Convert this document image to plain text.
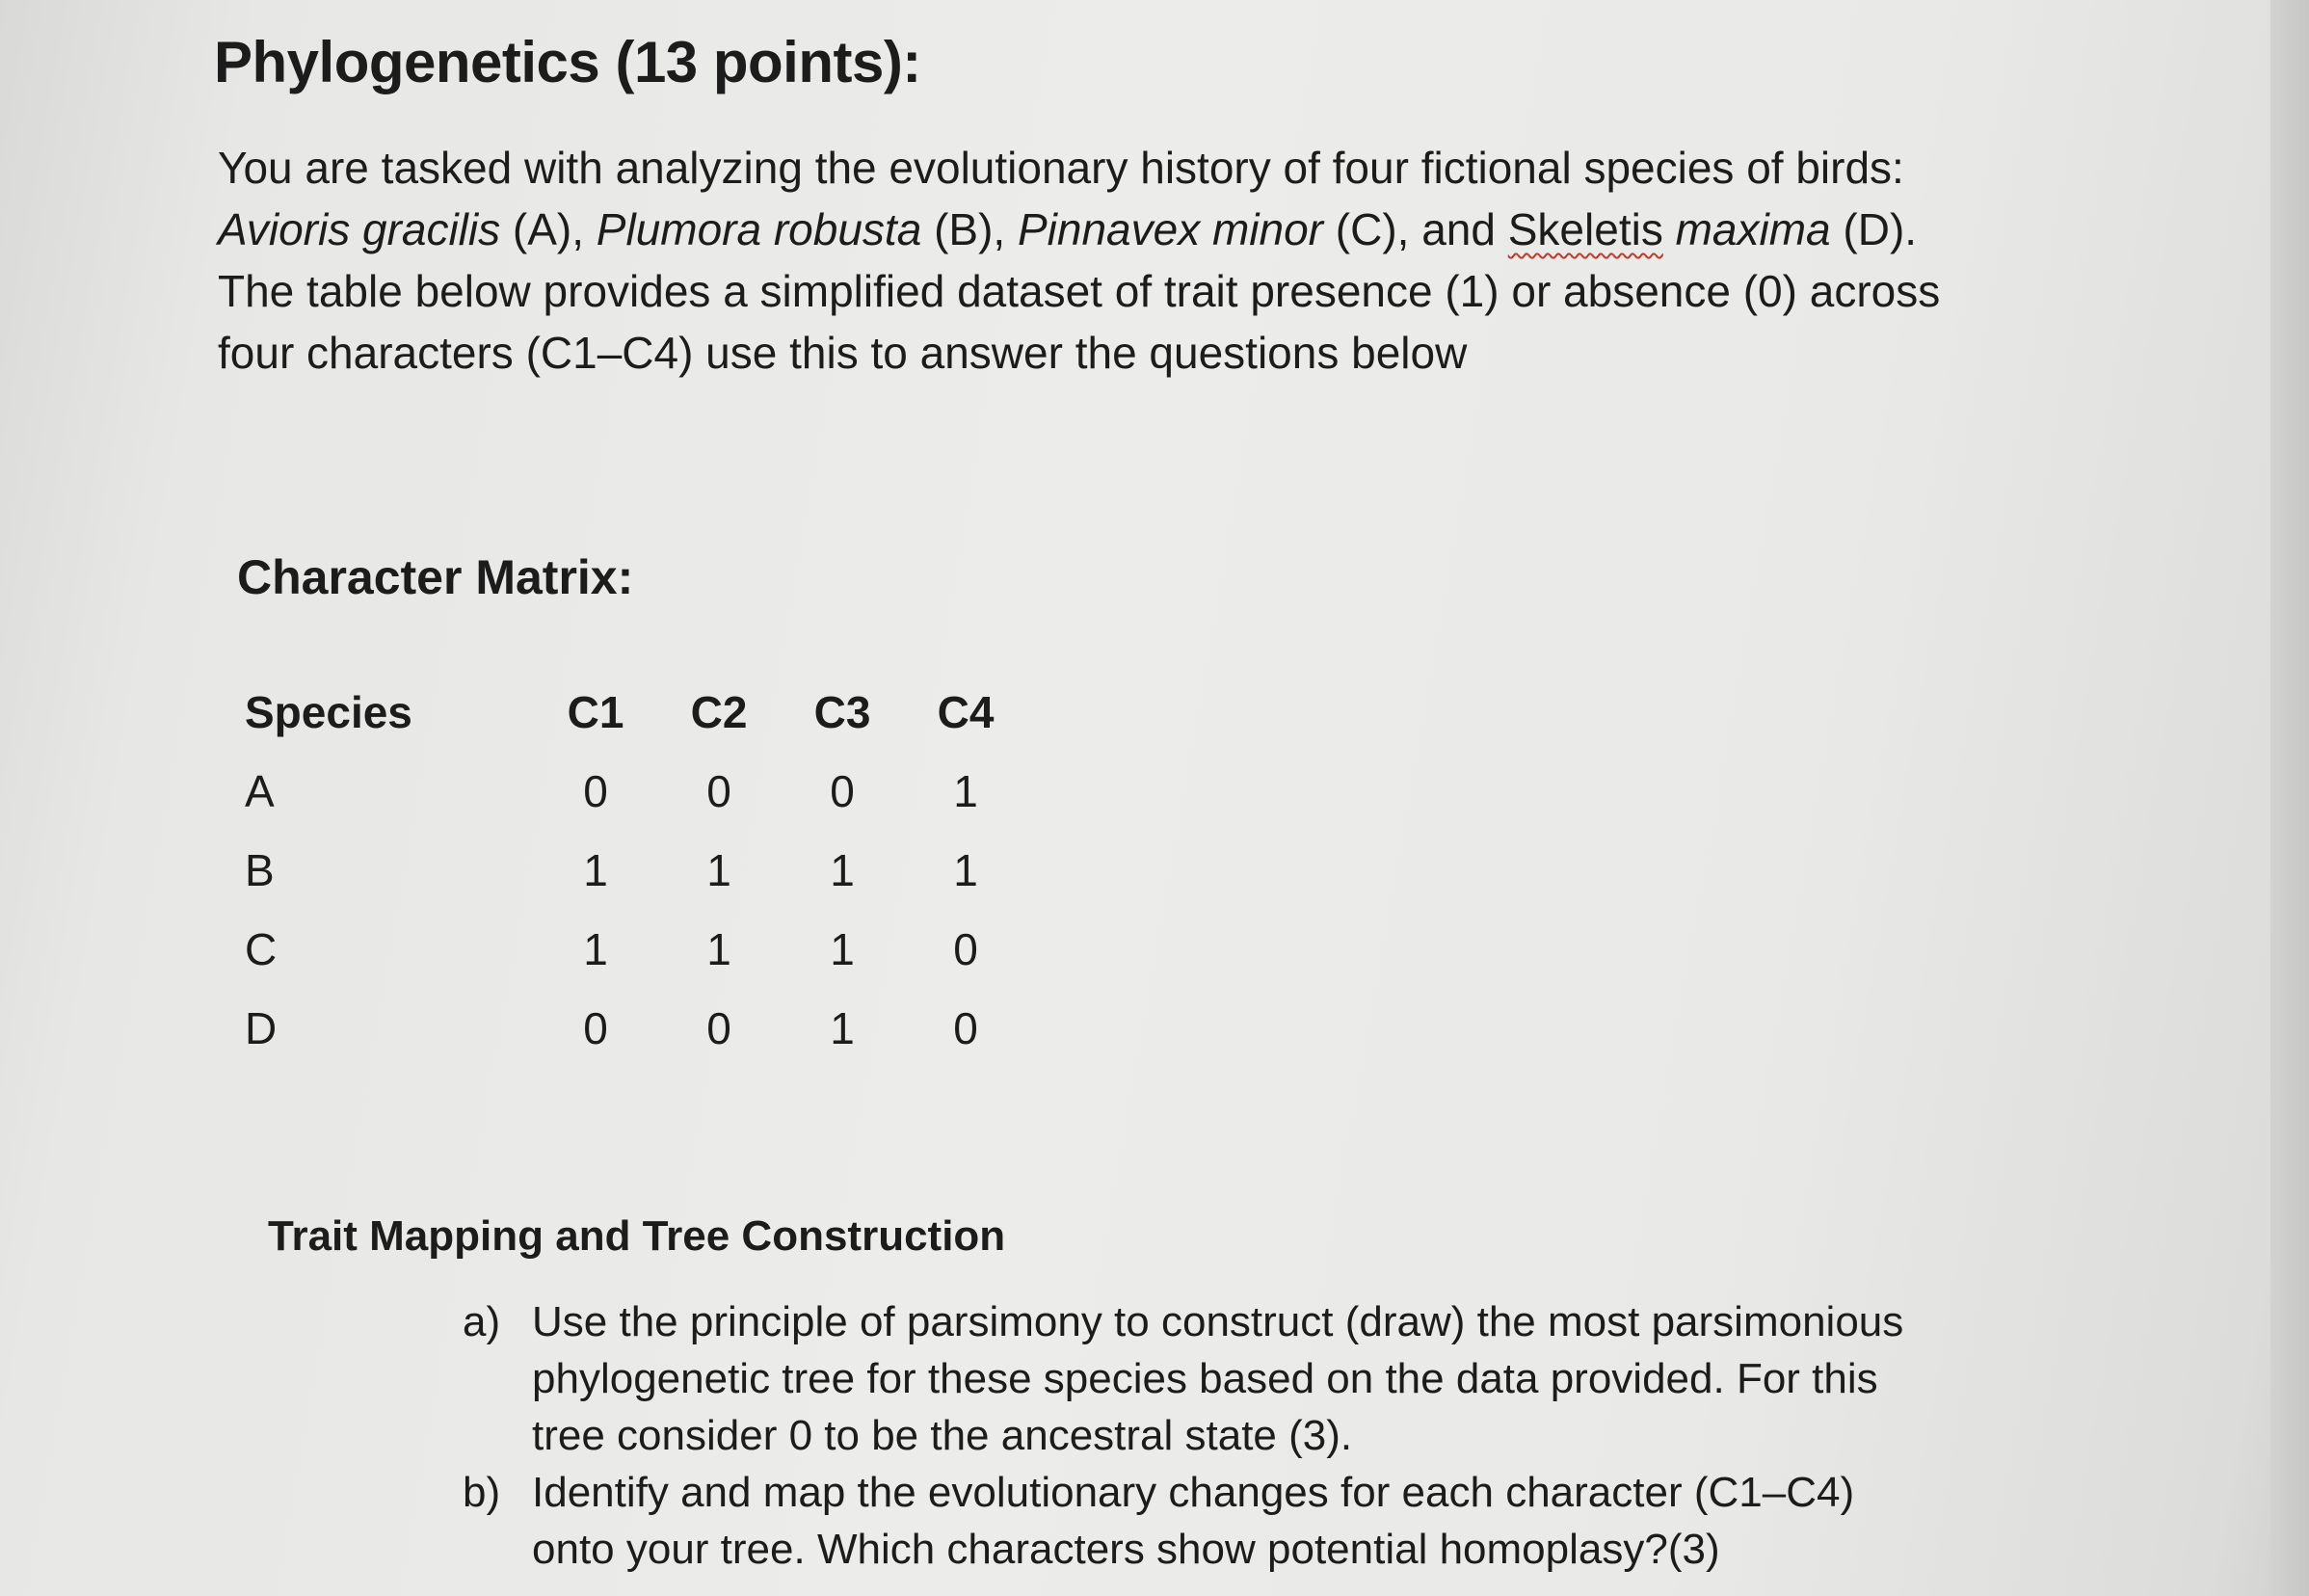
Phylogenetics (13 points):

You are tasked with analyzing the evolutionary history of four fictional species of birds:

Avioris gracilis (A), Plumora robusta (B), Pinnavex minor (C), and Skeletis maxima (D).

The table below provides a simplified dataset of trait presence (1) or absence (0) across

four characters (C1–C4) use this to answer the questions below

Character Matrix:
Species	C1	C2	C3	C4
A	0	0	0	1
B	1	1	1	1
C	1	1	1	0
D	0	0	1	0
Trait Mapping and Tree Construction
a) Use the principle of parsimony to construct (draw) the most parsimonious
phylogenetic tree for these species based on the data provided. For this
tree consider 0 to be the ancestral state (3).
b) Identify and map the evolutionary changes for each character (C1–C4)
onto your tree. Which characters show potential homoplasy?(3)
